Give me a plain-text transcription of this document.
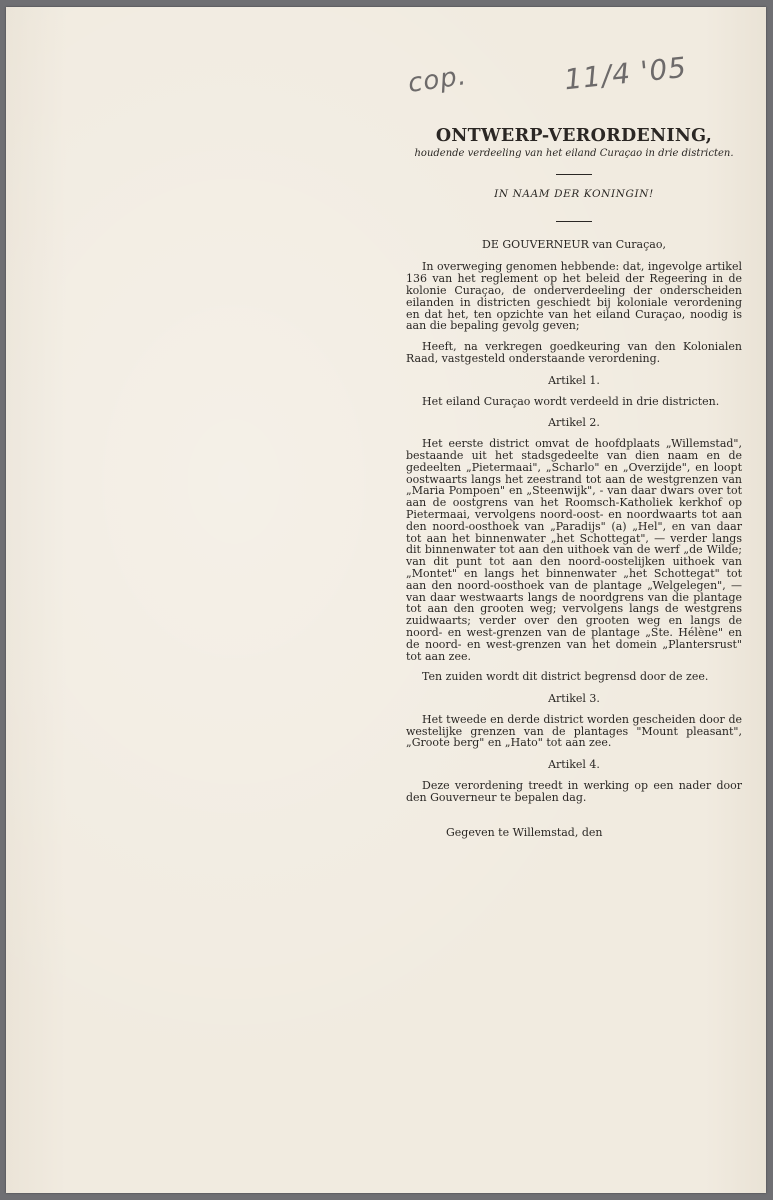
cop.	11/4 '05
ONTWERP-VERORDENING,
houdende verdeeling van het eiland Curaçao in drie districten.
IN NAAM DER KONINGIN!
DE GOUVERNEUR van Curaçao,

In overweging genomen hebbende: dat, ingevolge artikel 136 van het reglement op het beleid der Regeering in de kolonie Curaçao, de onderverdeeling der onderscheiden eilanden in districten geschiedt bij koloniale verordening en dat het, ten opzichte van het eiland Curaçao, noodig is aan die bepaling gevolg geven;

Heeft, na verkregen goedkeuring van den Kolonialen Raad, vastgesteld onderstaande verordening.

Artikel 1.

Het eiland Curaçao wordt verdeeld in drie districten.

Artikel 2.

Het eerste district omvat de hoofdplaats „Willemstad", bestaande uit het stadsgedeelte van dien naam en de gedeelten „Pietermaai", „Scharlo" en „Overzijde", en loopt oostwaarts langs het zeestrand tot aan de westgrenzen van „Maria Pompoen" en „Steenwijk", - van daar dwars over tot aan de oostgrens van het Roomsch-Katholiek kerkhof op Pietermaai, vervolgens noord-oost- en noordwaarts tot aan den noord-oosthoek van „Paradijs" (a) „Hel", en van daar tot aan het binnenwater „het Schottegat", — verder langs dit binnenwater tot aan den uithoek van de werf „de Wilde; van dit punt tot aan den noord-oostelijken uithoek van „Montet" en langs het binnenwater „het Schottegat" tot aan den noord-oosthoek van de plantage „Welgelegen", — van daar westwaarts langs de noordgrens van die plantage tot aan den grooten weg; vervolgens langs de westgrens zuidwaarts; verder over den grooten weg en langs de noord- en west-grenzen van de plantage „Ste. Hélène" en de noord- en west-grenzen van het domein „Plantersrust" tot aan zee.

Ten zuiden wordt dit district begrensd door de zee.

Artikel 3.

Het tweede en derde district worden gescheiden door de westelijke grenzen van de plantages "Mount pleasant", „Groote berg" en „Hato" tot aan zee.

Artikel 4.

Deze verordening treedt in werking op een nader door den Gouverneur te bepalen dag.

Gegeven te Willemstad, den
